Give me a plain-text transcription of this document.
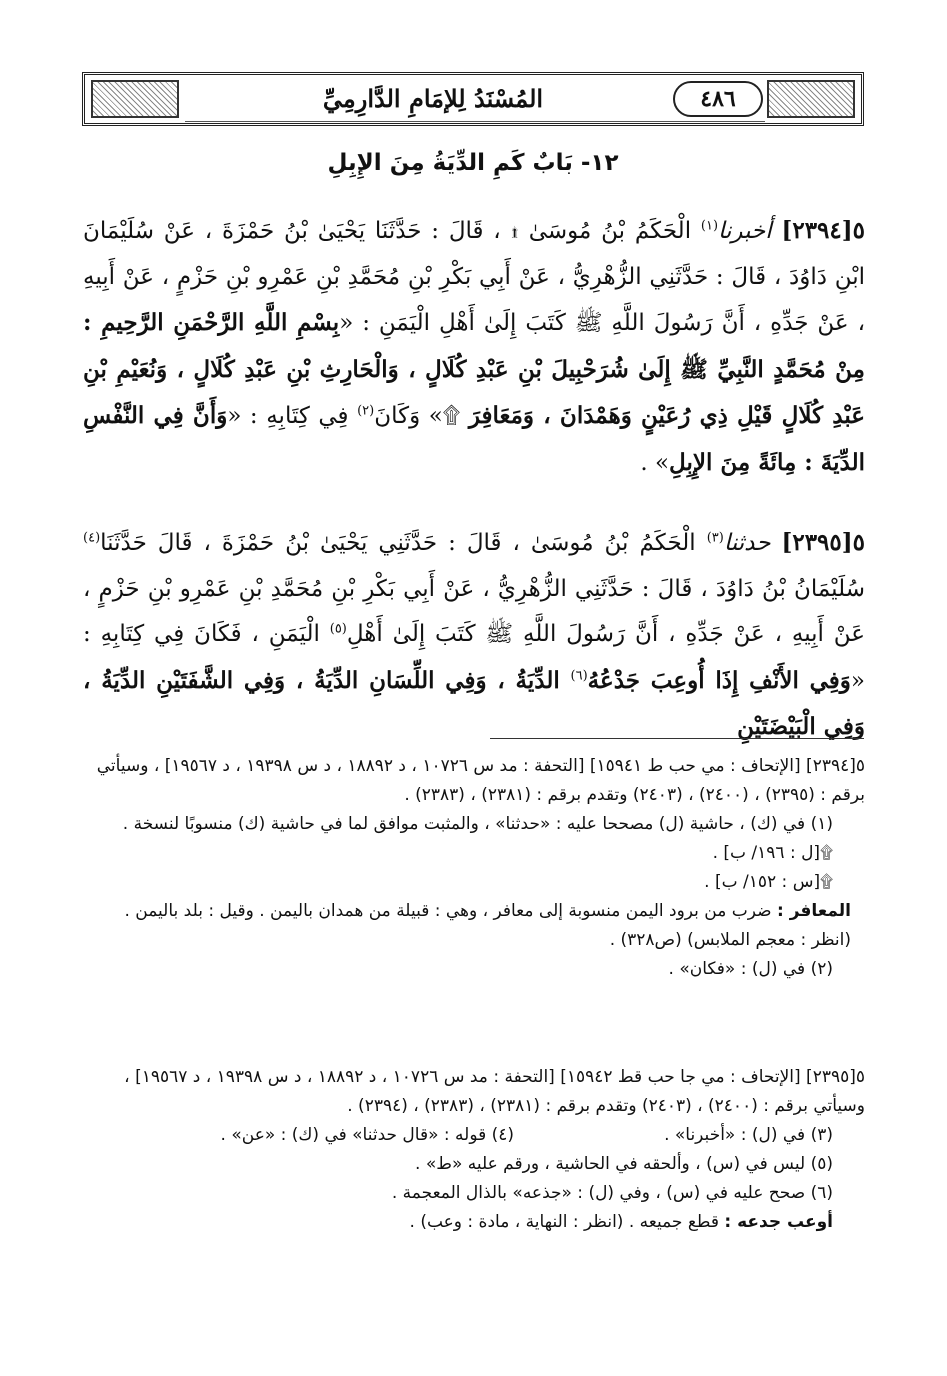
٤٨٦
المُسْنَدُ لِلإمَامِ الدَّارِمِيِّ
١٢- بَابٌ كَمِ الدِّيَةُ مِنَ الإِبِلِ
٥[٢٣٩٤] أخبرنا$^{(١)}$ الْحَكَمُ بْنُ مُوسَىٰ ۩ ، قَالَ : حَدَّثَنَا يَحْيَىٰ بْنُ حَمْزَةَ ، عَنْ سُلَيْمَانَ ابْنِ دَاوُدَ ، قَالَ : حَدَّثَنِي الزُّهْرِيُّ ، عَنْ أَبِي بَكْرِ بْنِ مُحَمَّدِ بْنِ عَمْرِو بْنِ حَزْمٍ ، عَنْ أَبِيهِ ، عَنْ جَدِّهِ ، أَنَّ رَسُولَ اللَّهِ ﷺ كَتَبَ إِلَىٰ أَهْلِ الْيَمَنِ : «بِسْمِ اللَّهِ الرَّحْمَنِ الرَّحِيمِ : مِنْ مُحَمَّدٍ النَّبِيِّ ﷺ إِلَىٰ شُرَحْبِيلَ بْنِ عَبْدِ كُلَالٍ ، وَالْحَارِثِ بْنِ عَبْدِ كُلَالٍ ، وَنُعَيْمِ بْنِ عَبْدِ كُلَالٍ قَيْلِ ذِي رُعَيْنٍ وَهَمْدَانَ ، وَمَعَافِرَ ۩» وَكَانَ$^{(٢)}$ فِي كِتَابِهِ : «وَأَنَّ فِي النَّفْسِ الدِّيَةَ : مِائَةً مِنَ الإِبِلِ» .
٥[٢٣٩٥] حدثنا$^{(٣)}$ الْحَكَمُ بْنُ مُوسَىٰ ، قَالَ : حَدَّثَنِي يَحْيَىٰ بْنُ حَمْزَةَ ، قَالَ حَدَّثَنَا$^{(٤)}$ سُلَيْمَانُ بْنُ دَاوُدَ ، قَالَ : حَدَّثَنِي الزُّهْرِيُّ ، عَنْ أَبِي بَكْرِ بْنِ مُحَمَّدِ بْنِ عَمْرِو بْنِ حَزْمٍ ، عَنْ أَبِيهِ ، عَنْ جَدِّهِ ، أَنَّ رَسُولَ اللَّهِ ﷺ كَتَبَ إِلَىٰ أَهْلِ$^{(٥)}$ الْيَمَنِ ، فَكَانَ فِي كِتَابِهِ : «وَفِي الأَنْفِ إِذَا أُوعِبَ جَدْعُهُ$^{(٦)}$ الدِّيَةُ ، وَفِي اللِّسَانِ الدِّيَةُ ، وَفِي الشَّفَتَيْنِ الدِّيَةُ ، وَفِي الْبَيْضَتَيْنِ

٥[٢٣٩٤] [الإتحاف : مي حب ط ١٥٩٤١] [التحفة : مد س ١٠٧٢٦ ، د ١٨٨٩٢ ، د س ١٩٣٩٨ ، د ١٩٥٦٧] ، وسيأتي برقم : (٢٣٩٥) ، (٢٤٠٠) ، (٢٤٠٣) وتقدم برقم : (٢٣٨١) ، (٢٣٨٣) .

(١) في (ك) ، حاشية (ل) مصححا عليه : «حدثنا» ، والمثبت موافق لما في حاشية (ك) منسوبًا لنسخة .

۩[ل : ١٩٦/ ب] .

۩[س : ١٥٢/ ب] .

المعافر : ضرب من برود اليمن منسوبة إلى معافر ، وهي : قبيلة من همدان باليمن . وقيل : بلد باليمن . (انظر : معجم الملابس) (ص٣٢٨) .

(٢) في (ل) : «فكان» .

٥[٢٣٩٥] [الإتحاف : مي جا حب قط ١٥٩٤٢] [التحفة : مد س ١٠٧٢٦ ، د ١٨٨٩٢ ، د س ١٩٣٩٨ ، د ١٩٥٦٧] ، وسيأتي برقم : (٢٤٠٠) ، (٢٤٠٣) وتقدم برقم : (٢٣٨١) ، (٢٣٨٣) ، (٢٣٩٤) .

(٣) في (ل) : «أخبرنا» .
(٤) قوله : «قال حدثنا» في (ك) : «عن» .

(٥) ليس في (س) ، وألحقه في الحاشية ، ورقم عليه «ط» .

(٦) صحح عليه في (س) ، وفي (ل) : «جذعه» بالذال المعجمة .

أوعب جدعه : قطع جميعه . (انظر : النهاية ، مادة : وعب) .
